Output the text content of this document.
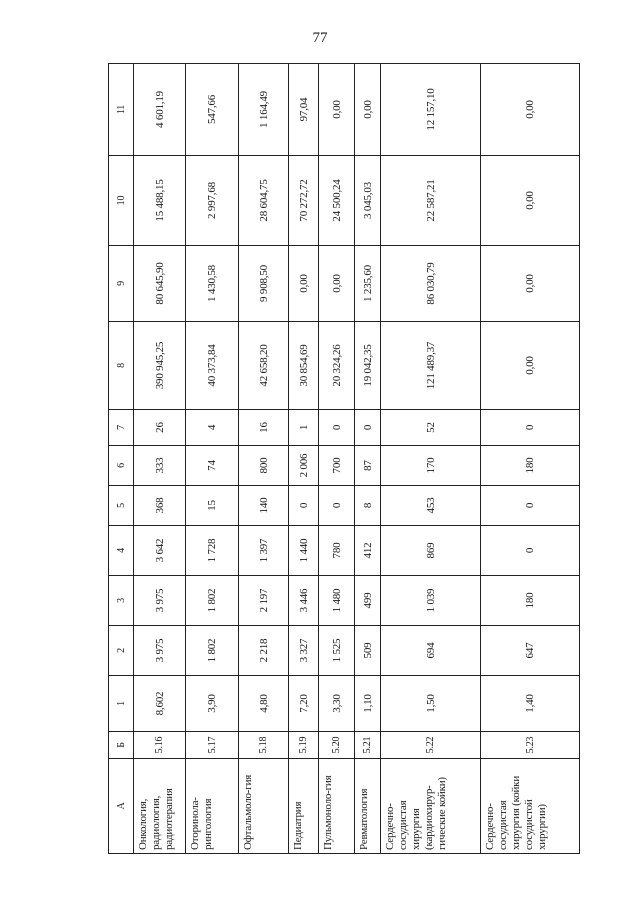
77
А	Б	1	2	3	4	5	6	7	8	9	10	11
Онкология, радиология, радиотерапия	5.16	8,602	3 975	3 975	3 642	368	333	26	390 945,25	80 645,90	15 488,15	4 601,19
Оторинола-рингология	5.17	3,90	1 802	1 802	1 728	15	74	4	40 373,84	1 430,58	2 997,68	547,66
Офтальмоло-гия	5.18	4,80	2 218	2 197	1 397	140	800	16	42 658,20	9 908,50	28 604,75	1 164,49
Педиатрия	5.19	7,20	3 327	3 446	1 440	0	2 006	1	30 854,69	0,00	70 272,72	97,04
Пульмоноло-гия	5.20	3,30	1 525	1 480	780	0	700	0	20 324,26	0,00	24 500,24	0,00
Ревматология	5.21	1,10	509	499	412	8	87	0	19 042,35	1 235,60	3 045,03	0,00
Сердечно-сосудистая хирургия (кардиохирур-гические койки)	5.22	1,50	694	1 039	869	453	170	52	121 489,37	86 030,79	22 587,21	12 157,10
Сердечно-сосудистая хирургия (койки сосудистой хирургии)	5.23	1,40	647	180	0	0	180	0	0,00	0,00	0,00	0,00
